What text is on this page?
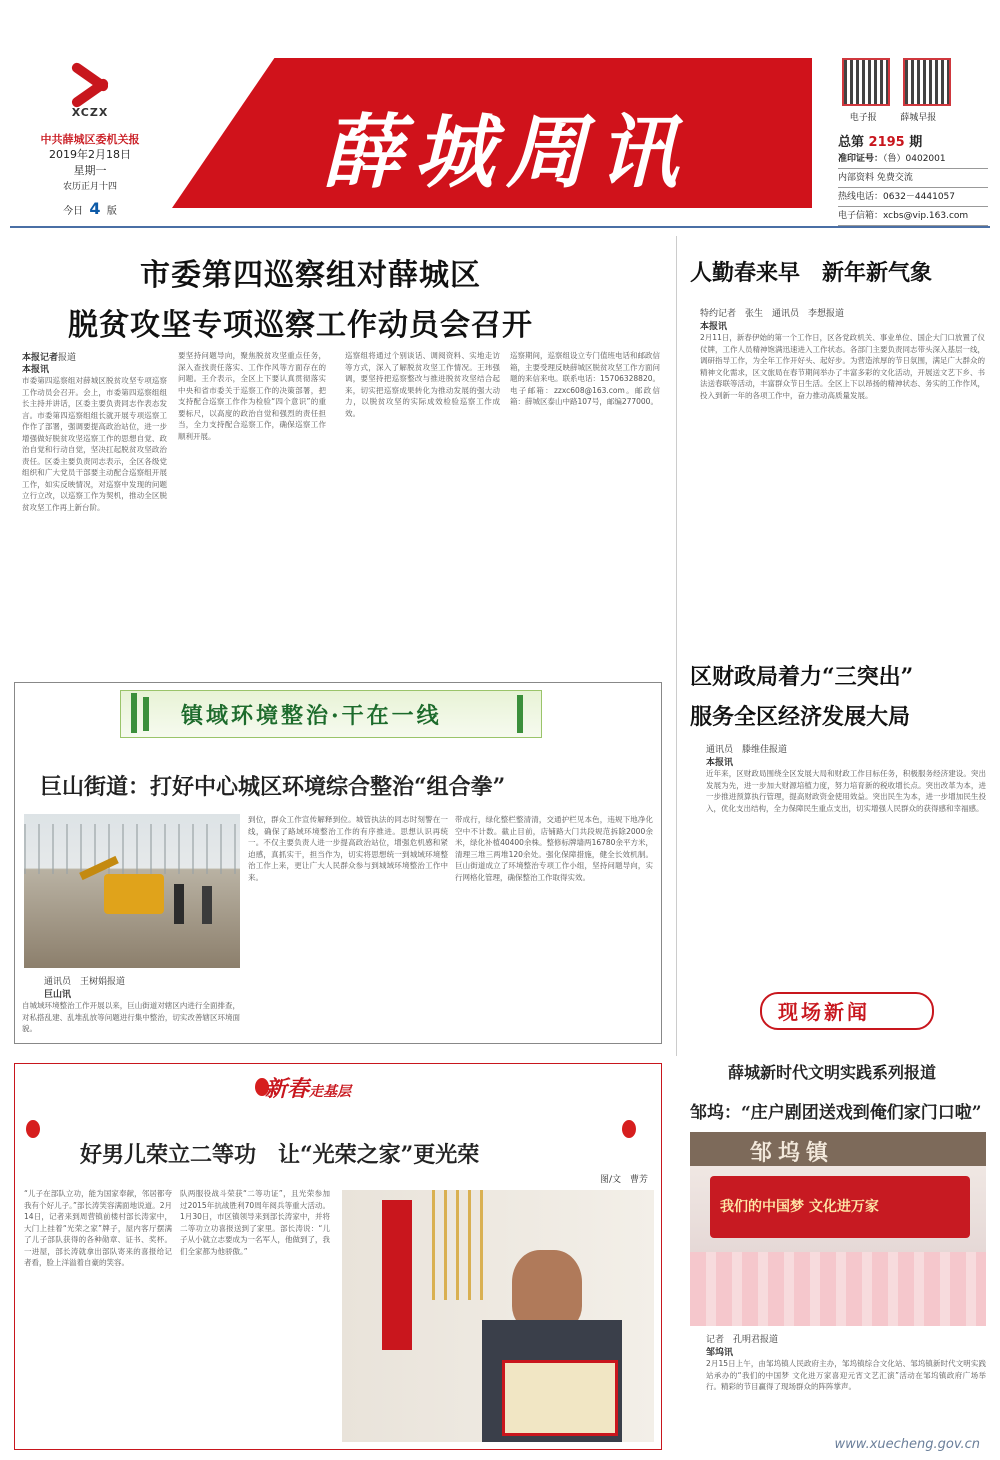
XCZX
中共薛城区委机关报
2019年2月18日
星期一
农历正月十四
今日 4 版
薛城周讯
	电子报	薛城早报
总第 2195 期
准印证号：（鲁）0402001
内部资料 免费交流
热线电话：0632－4441057
电子信箱：xcbs@vip.163.com
市委第四巡察组对薛城区
脱贫攻坚专项巡察工作动员会召开
本报记者报道
本报讯
市委第四巡察组对薛城区脱贫攻坚专项巡察工作动员会召开。会上，市委第四巡察组组长主持并讲话，区委主要负责同志作表态发言。市委第四巡察组组长就开展专项巡察工作作了部署，强调要提高政治站位，进一步增强做好脱贫攻坚巡察工作的思想自觉、政治自觉和行动自觉，坚决扛起脱贫攻坚政治责任。区委主要负责同志表示，全区各级党组织和广大党员干部要主动配合巡察组开展工作，如实反映情况，对巡察中发现的问题立行立改，以巡察工作为契机，推动全区脱贫攻坚工作再上新台阶。
要坚持问题导向，聚焦脱贫攻坚重点任务，深入查找责任落实、工作作风等方面存在的问题。王介表示，全区上下要认真贯彻落实中央和省市委关于巡察工作的决策部署，把支持配合巡察工作作为检验“四个意识”的重要标尺，以高度的政治自觉和强烈的责任担当，全力支持配合巡察工作，确保巡察工作顺利开展。
巡察组将通过个别谈话、调阅资料、实地走访等方式，深入了解脱贫攻坚工作情况。王玮强调，要坚持把巡察整改与推进脱贫攻坚结合起来，切实把巡察成果转化为推动发展的强大动力，以脱贫攻坚的实际成效检验巡察工作成效。
巡察期间，巡察组设立专门值班电话和邮政信箱，主要受理反映薛城区脱贫攻坚工作方面问题的来信来电。联系电话：15706328820。电子邮箱：zzxc608@163.com。邮政信箱：薛城区泰山中路107号，邮编277000。
人勤春来早　新年新气象
特约记者　张生　通讯员　李想报道
本报讯
2月11日，新春伊始的第一个工作日，区各党政机关、事业单位、国企大门口放置了仪仗牌，工作人员精神饱满迅速进入工作状态。各部门主要负责同志带头深入基层一线，调研指导工作，为全年工作开好头、起好步。为营造浓厚的节日氛围，满足广大群众的精神文化需求，区文旅局在春节期间举办了丰富多彩的文化活动，开展送文艺下乡、书法送春联等活动，丰富群众节日生活。全区上下以昂扬的精神状态、务实的工作作风，投入到新一年的各项工作中，奋力推动高质量发展。
区财政局着力“三突出”
服务全区经济发展大局
通讯员　滕维佳报道
本报讯
近年来，区财政局围绕全区发展大局和财政工作目标任务，积极服务经济建设。突出发展为先，进一步加大财源培植力度，努力培育新的税收增长点。突出改革为本，进一步推进预算执行管理，提高财政资金使用效益。突出民生为本，进一步增加民生投入，优化支出结构，全力保障民生重点支出，切实增强人民群众的获得感和幸福感。
镇域环境整治·干在一线
巨山街道：打好中心城区环境综合整治“组合拳”
通讯员　王树娟报道
巨山讯
自城域环境整治工作开展以来，巨山街道对辖区内进行全面排查，对私搭乱建、乱堆乱放等问题进行集中整治，切实改善辖区环境面貌。
到位，群众工作宣传解释到位。城管执法的同志时刻警在一线，确保了路域环境整治工作的有序推进。思想认识再统一。不仅主要负责人进一步提高政治站位，增强危机感和紧迫感，真抓实干，担当作为，切实将思想统一到城域环境整治工作上来，更让广大人民群众参与到城域环境整治工作中来。
带成行，绿化整栏整清清，交通护栏见本色，违规下地净化空中不计数。截止目前，店铺路大门共段规范拆除2000余米，绿化补植40400余株。整修标牌墙两16780余平方米，清理三堆三两堆120余处。强化保障措施，健全长效机制。巨山街道成立了环境整治专项工作小组，坚持问题导向，实行网格化管理，确保整治工作取得实效。
新春走基层
好男儿荣立二等功　让“光荣之家”更光荣
图/文　曹芳
“儿子在部队立功，能为国家奉献，邻居都夸我有个好儿子。”部长涛笑容满面地说道。2月14日，记者来到周营镇前楼村部长涛家中，大门上挂着“光荣之家”牌子，屋内客厅摆满了儿子部队获得的各种勋章、证书、奖杯。一进屋，部长涛就拿出部队寄来的喜报给记者看，脸上洋溢着自豪的笑容。
队两服役战斗荣获“二等功证”，且光荣参加过2015年抗战胜利70周年阅兵等重大活动。1月30日，市区镇领导来到部长涛家中，并将二等功立功喜报送到了家里。部长涛说：“儿子从小就立志要成为一名军人，他做到了，我们全家都为他骄傲。”
现场新闻
薛城新时代文明实践系列报道
邹坞：“庄户剧团送戏到俺们家门口啦”
邹坞镇
我们的中国梦 文化进万家
记者　孔明君报道
邹坞讯
2月15日上午，由邹坞镇人民政府主办，邹坞镇综合文化站、邹坞镇新时代文明实践站承办的“我们的中国梦 文化进万家喜迎元宵文艺汇演”活动在邹坞镇政府广场举行。精彩的节目赢得了现场群众的阵阵掌声。
www.xuecheng.gov.cn
